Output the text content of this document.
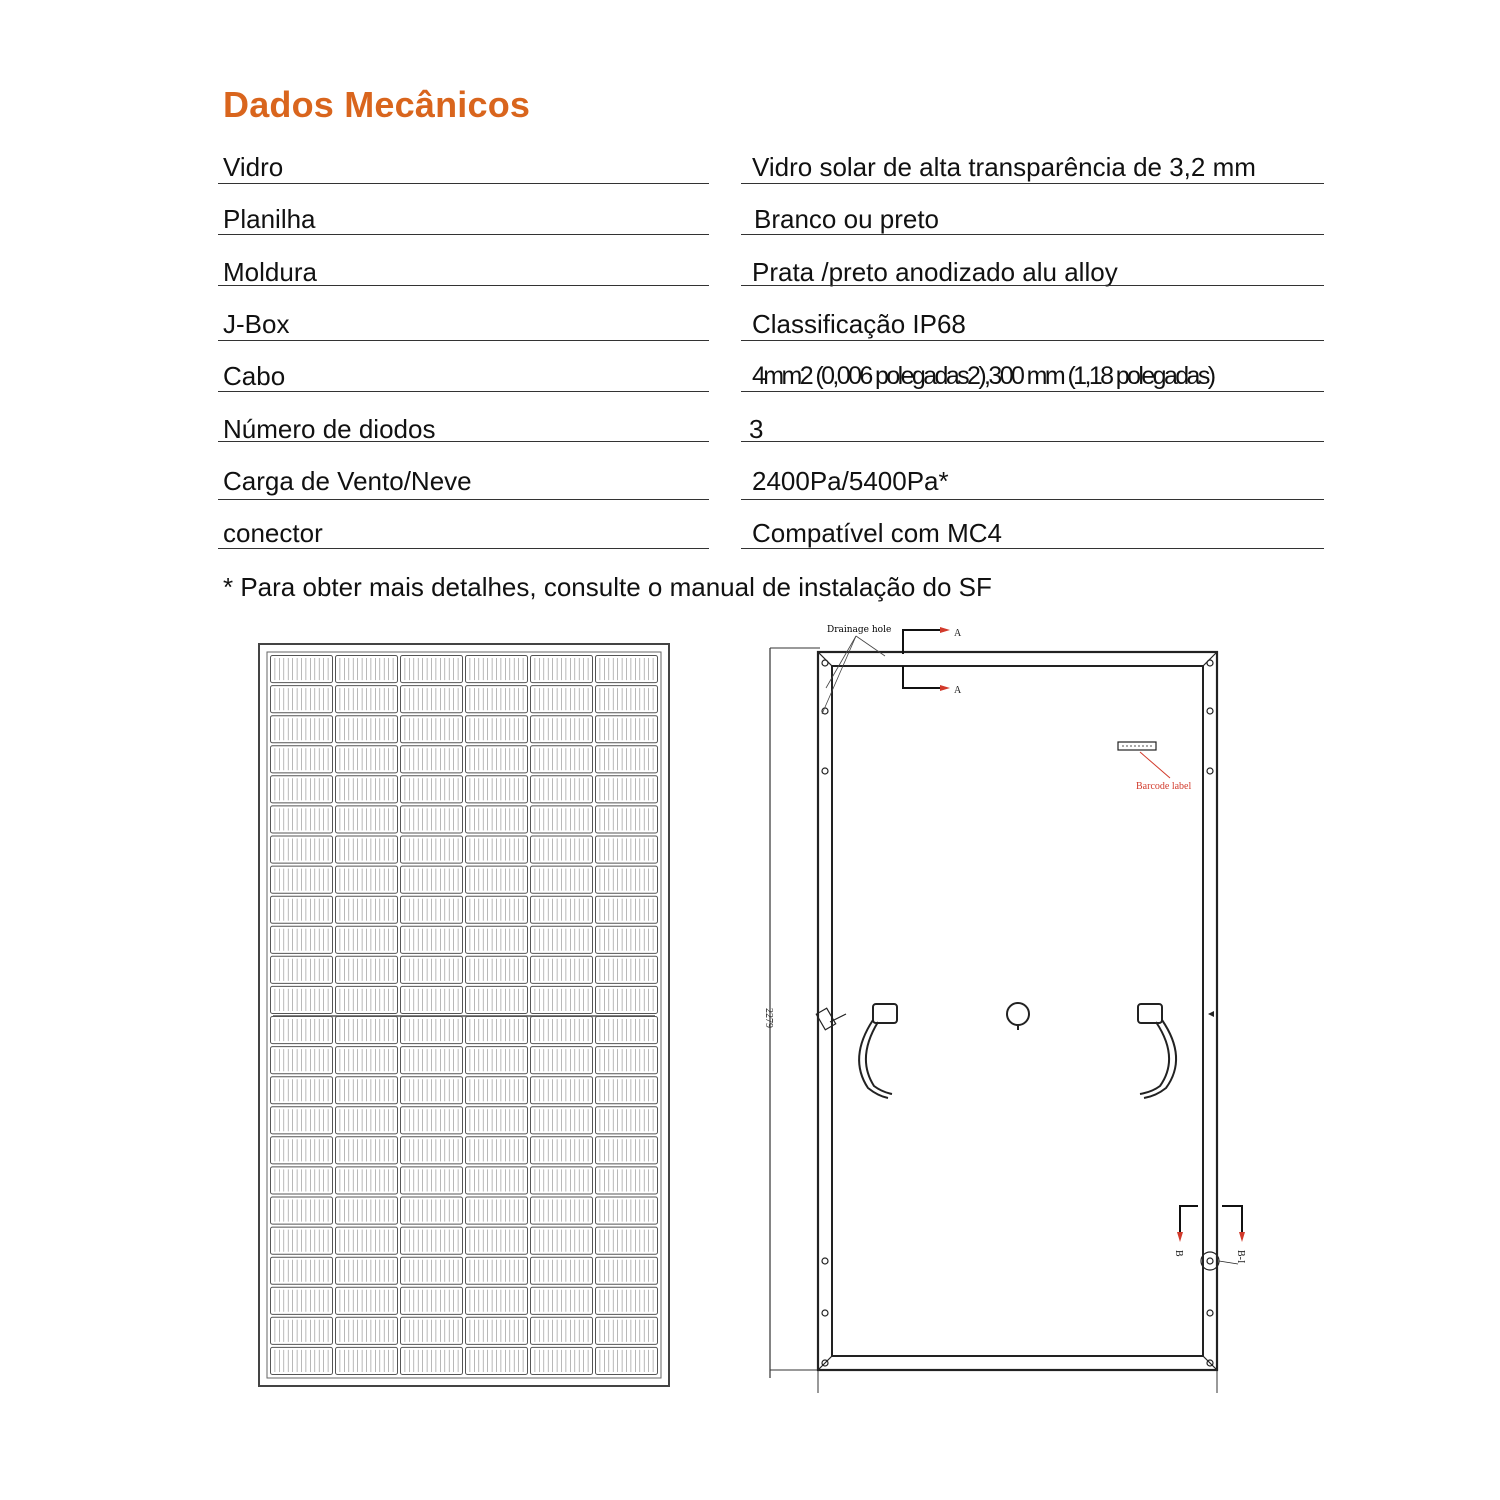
Dados Mecânicos
Vidro	Vidro solar de alta transparência de 3,2 mm
Planilha	Branco ou preto
Moldura	Prata /preto anodizado alu alloy
J-Box	Classificação IP68
Cabo	4mm2 (0,006 polegadas2),300 mm (1,18 polegadas)
Número de diodos	3
Carga de Vento/Neve	2400Pa/5400Pa*
conector	Compatível com MC4
* Para obter mais detalhes, consulte o manual de instalação do SF
2279
Drainage hole	A
A
Barcode label
B	B-I
